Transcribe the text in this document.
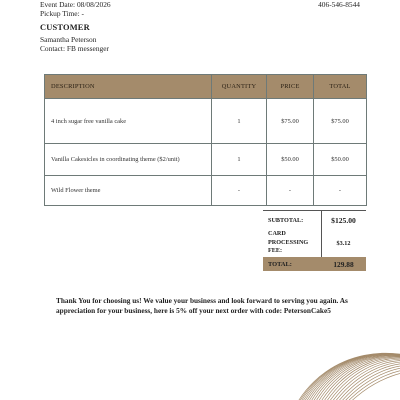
Event Date: 08/08/2026
Pickup Time: -
406-546-8544
CUSTOMER
Samantha Peterson
Contact: FB messenger
DESCRIPTION	QUANTITY	PRICE	TOTAL
4 inch sugar free vanilla cake	1	$75.00	$75.00
Vanilla Cakesicles in coordinating theme ($2/unit)	1	$50.00	$50.00
Wild Flower theme	-	-	-
SUBTOTAL:	$125.00
CARD PROCESSING FEE:
$3.12
TOTAL:	129.88
Thank You for choosing us! We value your business and look forward to serving you again. As appreciation for your business, here is 5% off your next order with code: PetersonCake5
